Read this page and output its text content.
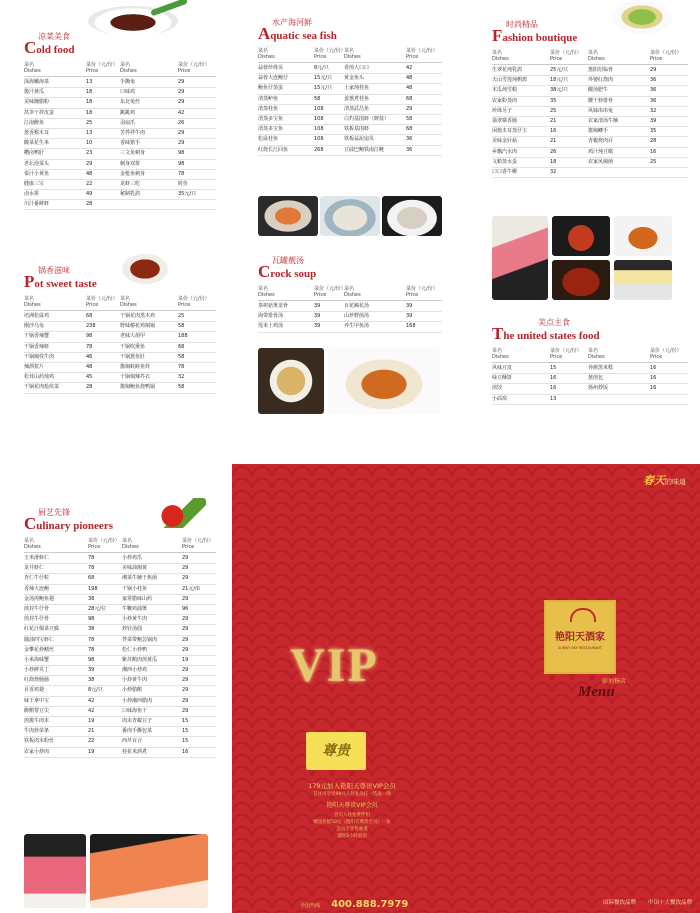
凉菜美食
Cold food
菜名
Dishes
菜价（元/份）
Price
菜名
Dishes
菜价（元/份）
Price
深海嫩海菜	13	手撕兔	29
酱汁黄瓜	18	口味鸡	29
美味腌腊粉	18	东北兔丝	29
莴笋干拌皮蛋	18	跳跳鸡	42
江南醉鱼	25	羽扇爪	26
葱香猴木耳	13	苦荞拌牛肉	29
酸菜花生米	10	香味猪手	29
糟卤鸭肝	23	三文鱼刺身	98
老坛泡菜头	29	刺身双拼	98
泰汁小黄鱼	48	金枪鱼刺身	78
健康三宝	22	龙虾三吃	时价
卤水拼	49	秘制乳鸽	35元/只
川汁番鲜虾	28
锅香滋味
Pot sweet taste
菜名
Dishes
菜价（元/份）
Price
菜名
Dishes
菜价（元/份）
Price
培洲松鼠鸡	68	干锅花肉黑木鸡	25
刚沙乌龟	238	野味椿花鸡焖锅	58
干锅香辣蟹	98	老味大胡甲	188
干锅香辣虾	78	干锅吹熏鱼	68
干锅焖伎牛肉	46	干锅葱鱼肚	58
辣酒浆片	48	酱焖蛙鲑鱼炸	78
松茸山药炖鸡	45	干锅焖辣芥衣	32
干锅花肉烩炫菜	28	酱焖鲍鱼烧鸭锅	58
水产海河鲜
Aquatic sea fish
菜名
Dishes
菜价（元/份）
Price
菜名
Dishes
菜价（元/份）
Price
蒜蓉珍珠贝	8元/只	香煎大口口	42
蒜蓉大连鲍仔	15元/只	黄金鱼头	48
鲍鱼仔蒸蛋	15元/只	土家炖桂鱼	48
清蒸鲈鱼	58	姜葱煮桂鱼	68
清蒸桂鱼	108	清蒸武昌鱼	29
清蒸多宝鱼	108	白灼基围虾（鲜盐）	58
清蒸多宝鱼	108	铁板基围虾	68
松鼠桂鱼	108	铁板蒜泥扇贝	36
红烧长江回鱼	268	豆豉巴鲍铁南江鲢	36
瓦罐靓汤
Crock soup
菜名
Dishes
菜价（元/份）
Price
菜名
Dishes
菜价（元/份）
Price
茶树菇煲龙骨	39	百花蹄花汤	39
海带排骨汤	39	山珍野菌汤	39
莲米土鸡汤	39	养生甲鱼汤	168
时尚精品
Fashion boutique
菜名
Dishes
菜价（元/份）
Price
菜名
Dishes
菜价（元/份）
Price
生翠花炖乳鸽	25元/只	葱阳招临骨	29
天山雪莲炖鹌鹑	18元/只	外婆红烧肉	36
木瓜炖雪蛤	38元/只	酸汤肥牛	36
农家粉蒸肉	35	腰干炒排骨	36
珍珠另子	25	风味串串兔	32
翡翠寨香肠	21	农家清汤牛腩	39
闲炮木耳蒸仔主	16	酱焖鲫手	35
美味金针菇	21	青椒烧肉孖	28
乡飘汽水肉	26	鸡汁炖豆腐	16
文蛤蒸水蛋	18	农家风焖菌	25
口口香牛柳	32
美点主食
The united states food
菜名
Dishes
菜价（元/份）
Price
菜名
Dishes
菜价（元/份）
Price
风味豆皮	15	养颜黑米糕	16
绿豆酥饼	16	葱煎包	16
煎饺	16	扬州炒饭	16
小面窝	13
厨艺先锋
Culinary pioneers
菜名
Dishes
菜价（元/份）
Price
菜名
Dishes
菜价（元/份）
Price
玉米滑虾仁	78	小炒鸡爪	29
龙井虾仁	78	美味油焖黄	29
杏仁牛仔粒	68	湘菜牛腩干焦菌	29
香辣大连鲍	198	干锅小桂鱼	21元/串
金汤煎鲍鱼翅	38	家常腊味山药	29
煎封牛仔骨	28元/位	牛鞭鸡浦煲	96
煎封牛仔骨	98	小炒黄牛肉	29
红花汁焗菜豆腐	38	炒针汤圆	29
随油四宝虾仁	78	荞菜带鲍芸锅肉	29
金攀花炒鳝丝	78	松仁小炒鸭	29
小米海味蟹	98	紫苏鹅肉煎黄瓜	19
小炒鲜贝丁	39	湘西小炒鸡	29
红烧烧肠肠	38	小炒黄牛肉	29
目香鸡翅	8元/只	小炒腊鹅	29
味千拿中宝	42	小炒湘西腊肉	29
醉鹅帮豆尖	42	口味海鱼干	29
煎酱牛肉末	19	肉末青椒豆子	15
牛肉炒苗条	21	番肉手撕包菜	15
铁板肉末粉丝	22	西芹百合	15
农家小炒肉	19	桂花米酒煮	16
春天的味道
艳阳天酒家
SUNNY SKY RESTAURANT
彭刘杨店
Menu
VIP
尊贵
179元加入艳阳天尊贵VIP会员
首住可享受99元入住礼品任一选取一晚
艳阳天尊贵VIP会员
会员入住免费伴侣
赠送价值50元《艳阳天尊贵会员》一张
会员专享优惠菜
延时2小时退房
全国热线 400.888.7979	国际餐饮品牌 中国十大餐饮品牌
